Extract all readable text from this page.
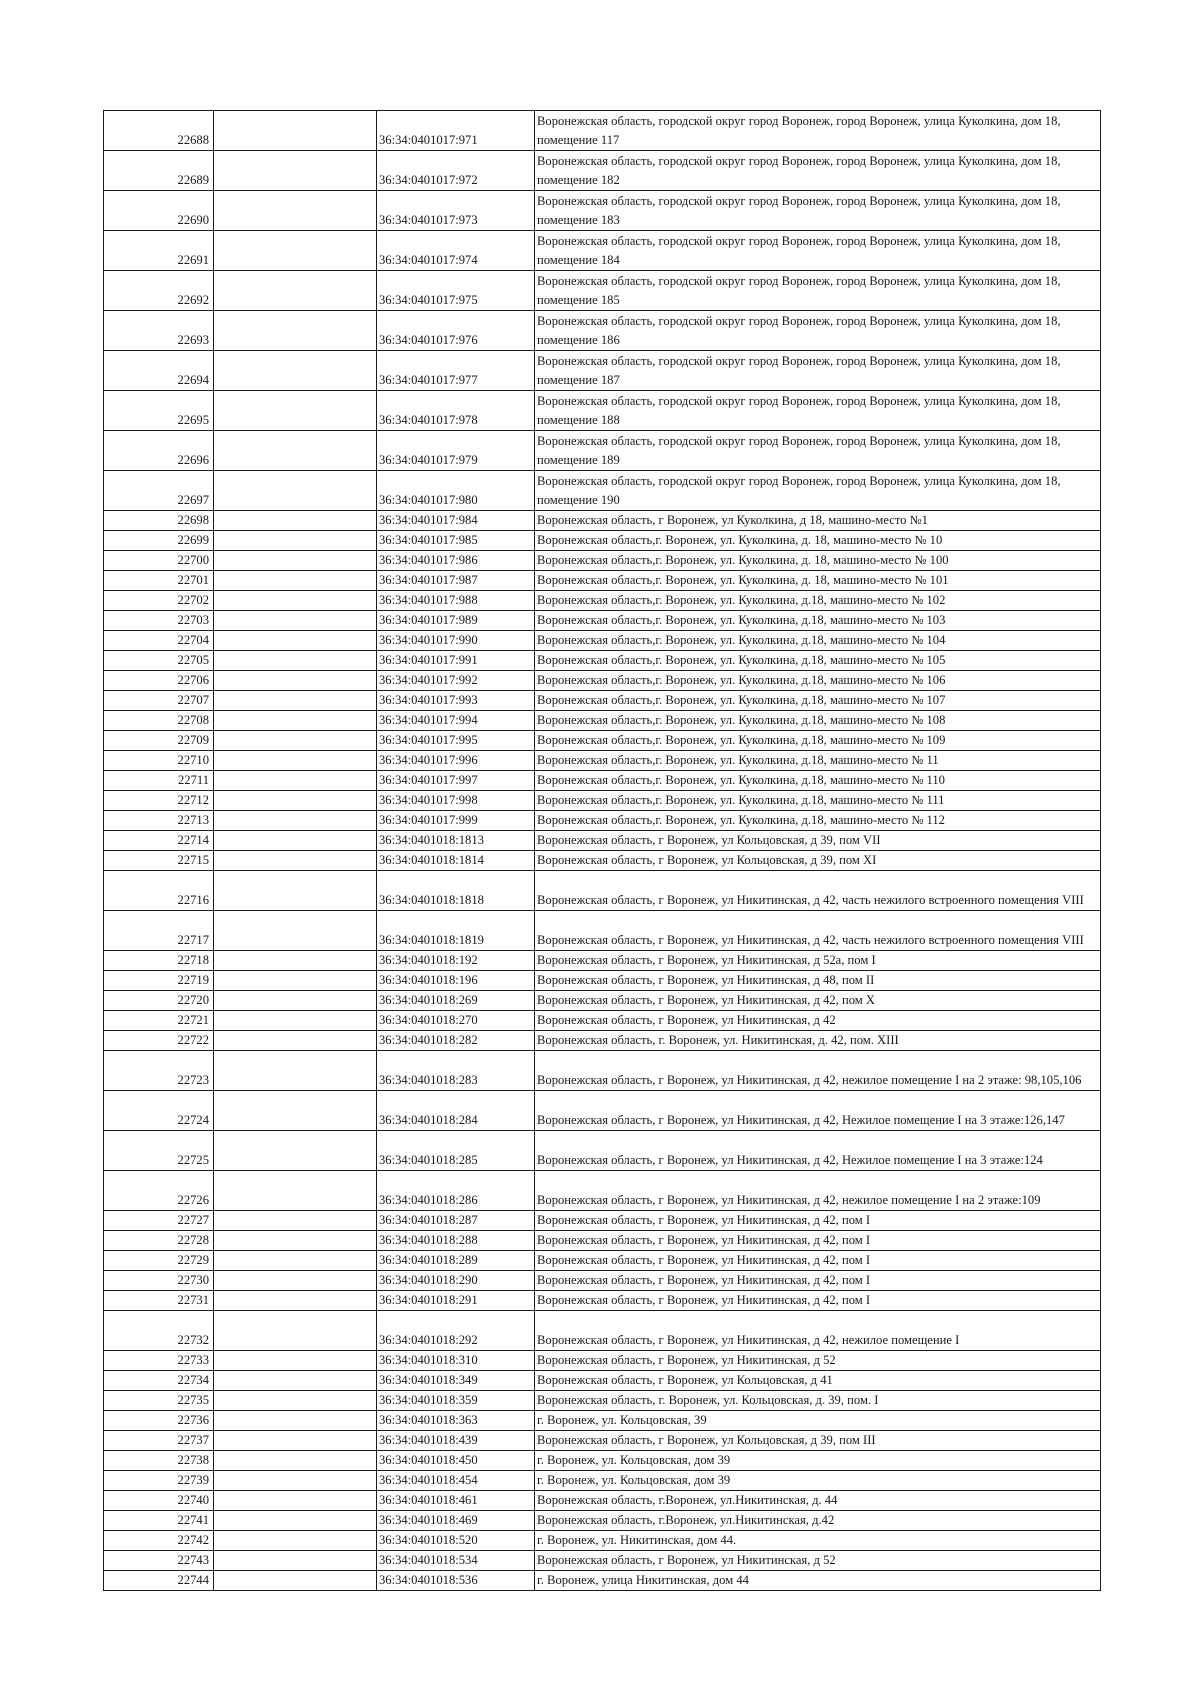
22688		36:34:0401017:971	Воронежская область, городской округ город Воронеж, город Воронеж, улица Куколкина, дом 18, помещение 117
22689		36:34:0401017:972	Воронежская область, городской округ город Воронеж, город Воронеж, улица Куколкина, дом 18, помещение 182
22690		36:34:0401017:973	Воронежская область, городской округ город Воронеж, город Воронеж, улица Куколкина, дом 18, помещение 183
22691		36:34:0401017:974	Воронежская область, городской округ город Воронеж, город Воронеж, улица Куколкина, дом 18, помещение 184
22692		36:34:0401017:975	Воронежская область, городской округ город Воронеж, город Воронеж, улица Куколкина, дом 18, помещение 185
22693		36:34:0401017:976	Воронежская область, городской округ город Воронеж, город Воронеж, улица Куколкина, дом 18, помещение 186
22694		36:34:0401017:977	Воронежская область, городской округ город Воронеж, город Воронеж, улица Куколкина, дом 18, помещение 187
22695		36:34:0401017:978	Воронежская область, городской округ город Воронеж, город Воронеж, улица Куколкина, дом 18, помещение 188
22696		36:34:0401017:979	Воронежская область, городской округ город Воронеж, город Воронеж, улица Куколкина, дом 18, помещение 189
22697		36:34:0401017:980	Воронежская область, городской округ город Воронеж, город Воронеж, улица Куколкина, дом 18, помещение 190
22698		36:34:0401017:984	Воронежская область, г Воронеж, ул Куколкина, д 18, машино-место №1
22699		36:34:0401017:985	Воронежская область,г. Воронеж, ул. Куколкина, д. 18, машино-место № 10
22700		36:34:0401017:986	Воронежская область,г. Воронеж, ул. Куколкина, д. 18, машино-место № 100
22701		36:34:0401017:987	Воронежская область,г. Воронеж, ул. Куколкина, д. 18, машино-место № 101
22702		36:34:0401017:988	Воронежская область,г. Воронеж, ул. Куколкина, д.18, машино-место № 102
22703		36:34:0401017:989	Воронежская область,г. Воронеж, ул. Куколкина, д.18, машино-место № 103
22704		36:34:0401017:990	Воронежская область,г. Воронеж, ул. Куколкина, д.18, машино-место № 104
22705		36:34:0401017:991	Воронежская область,г. Воронеж, ул. Куколкина, д.18, машино-место № 105
22706		36:34:0401017:992	Воронежская область,г. Воронеж, ул. Куколкина, д.18, машино-место № 106
22707		36:34:0401017:993	Воронежская область,г. Воронеж, ул. Куколкина, д.18, машино-место № 107
22708		36:34:0401017:994	Воронежская область,г. Воронеж, ул. Куколкина, д.18, машино-место № 108
22709		36:34:0401017:995	Воронежская область,г. Воронеж, ул. Куколкина, д.18, машино-место № 109
22710		36:34:0401017:996	Воронежская область,г. Воронеж, ул. Куколкина, д.18, машино-место № 11
22711		36:34:0401017:997	Воронежская область,г. Воронеж, ул. Куколкина, д.18, машино-место № 110
22712		36:34:0401017:998	Воронежская область,г. Воронеж, ул. Куколкина, д.18, машино-место № 111
22713		36:34:0401017:999	Воронежская область,г. Воронеж, ул. Куколкина, д.18, машино-место № 112
22714		36:34:0401018:1813	Воронежская область, г Воронеж, ул Кольцовская, д 39, пом VII
22715		36:34:0401018:1814	Воронежская область, г Воронеж, ул Кольцовская, д 39, пом XI
22716		36:34:0401018:1818	Воронежская область, г Воронеж, ул Никитинская, д 42, часть нежилого встроенного помещения VIII
22717		36:34:0401018:1819	Воронежская область, г Воронеж, ул Никитинская, д 42, часть нежилого встроенного помещения VIII
22718		36:34:0401018:192	Воронежская область, г Воронеж, ул Никитинская, д 52а, пом I
22719		36:34:0401018:196	Воронежская область, г Воронеж, ул Никитинская, д 48, пом II
22720		36:34:0401018:269	Воронежская область, г Воронеж, ул Никитинская, д 42, пом X
22721		36:34:0401018:270	Воронежская область, г Воронеж, ул Никитинская, д 42
22722		36:34:0401018:282	Воронежская область, г. Воронеж, ул. Никитинская, д. 42, пом. XIII
22723		36:34:0401018:283	Воронежская область, г Воронеж, ул Никитинская, д 42, нежилое помещение I на 2 этаже: 98,105,106
22724		36:34:0401018:284	Воронежская область, г Воронеж, ул Никитинская, д 42, Нежилое помещение I на 3 этаже:126,147
22725		36:34:0401018:285	Воронежская область, г Воронеж, ул Никитинская, д 42, Нежилое помещение I на 3 этаже:124
22726		36:34:0401018:286	Воронежская область, г Воронеж, ул Никитинская, д 42, нежилое помещение I на 2 этаже:109
22727		36:34:0401018:287	Воронежская область, г Воронеж, ул Никитинская, д 42, пом I
22728		36:34:0401018:288	Воронежская область, г Воронеж, ул Никитинская, д 42, пом I
22729		36:34:0401018:289	Воронежская область, г Воронеж, ул Никитинская, д 42, пом I
22730		36:34:0401018:290	Воронежская область, г Воронеж, ул Никитинская, д 42, пом I
22731		36:34:0401018:291	Воронежская область, г Воронеж, ул Никитинская, д 42, пом I
22732		36:34:0401018:292	Воронежская область, г Воронеж, ул Никитинская, д 42, нежилое помещение I
22733		36:34:0401018:310	Воронежская область, г Воронеж, ул Никитинская, д 52
22734		36:34:0401018:349	Воронежская область, г Воронеж, ул Кольцовская, д 41
22735		36:34:0401018:359	Воронежская область, г. Воронеж, ул. Кольцовская, д. 39, пом. I
22736		36:34:0401018:363	г. Воронеж, ул. Кольцовская, 39
22737		36:34:0401018:439	Воронежская область, г Воронеж, ул Кольцовская, д 39, пом III
22738		36:34:0401018:450	г. Воронеж, ул. Кольцовская, дом 39
22739		36:34:0401018:454	г. Воронеж, ул. Кольцовская, дом 39
22740		36:34:0401018:461	Воронежская область, г.Воронеж, ул.Никитинская, д. 44
22741		36:34:0401018:469	Воронежская область, г.Воронеж, ул.Никитинская, д.42
22742		36:34:0401018:520	г. Воронеж, ул. Никитинская, дом 44.
22743		36:34:0401018:534	Воронежская область, г Воронеж, ул Никитинская, д 52
22744		36:34:0401018:536	г. Воронеж, улица Никитинская, дом 44
